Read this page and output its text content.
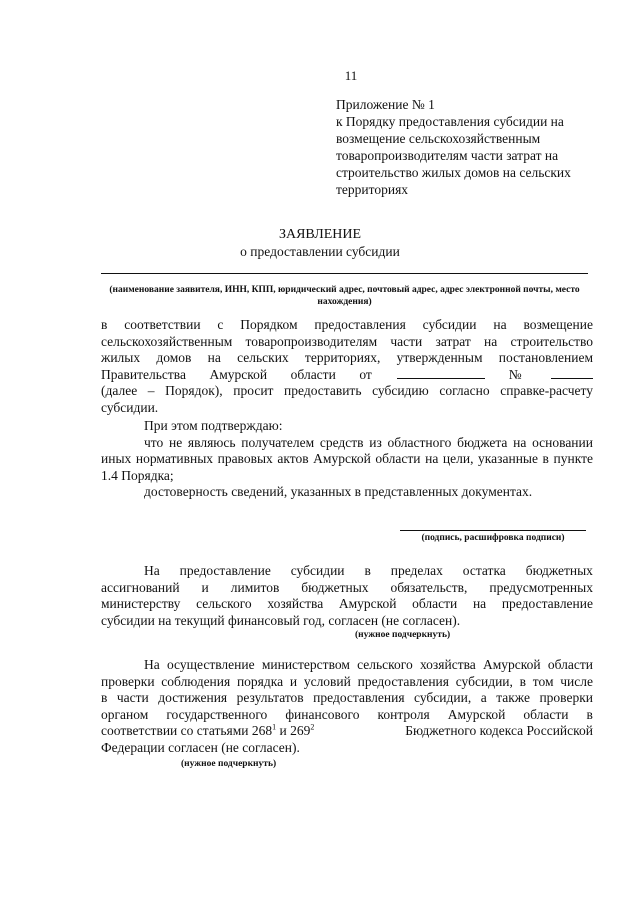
11
Приложение № 1
к Порядку предоставления субсидии на
возмещение сельскохозяйственным
товаропроизводителям части затрат на
строительство жилых домов на сельских
территориях
ЗАЯВЛЕНИЕ
о предоставлении субсидии
(наименование заявителя, ИНН, КПП, юридический адрес, почтовый адрес, адрес электронной почты, место
нахождения)
в соответствии с Порядком предоставления субсидии на возмещение
сельскохозяйственным товаропроизводителям части затрат на строительство
жилых домов на сельских территориях, утвержденным постановлением
Правительства Амурской области от	№
(далее – Порядок), просит предоставить субсидию согласно справке-расчету
субсидии.
При этом подтверждаю:
что не являюсь получателем средств из областного бюджета на основании иных нормативных правовых актов Амурской области на цели, указанные в пункте 1.4 Порядка;
достоверность сведений, указанных в представленных документах.
(подпись, расшифровка подписи)
На предоставление субсидии в пределах остатка бюджетных
ассигнований и лимитов бюджетных обязательств, предусмотренных
министерству сельского хозяйства Амурской области на предоставление
субсидии на текущий финансовый год, согласен (не согласен).
(нужное подчеркнуть)
На осуществление министерством сельского хозяйства Амурской области
проверки соблюдения порядка и условий предоставления субсидии, в том числе
в части достижения результатов предоставления субсидии, а также проверки
органом государственного финансового контроля Амурской области в
соответствии со статьями $268^1$ и $269^2$	Бюджетного кодекса Российской
Федерации согласен (не согласен).
(нужное подчеркнуть)
